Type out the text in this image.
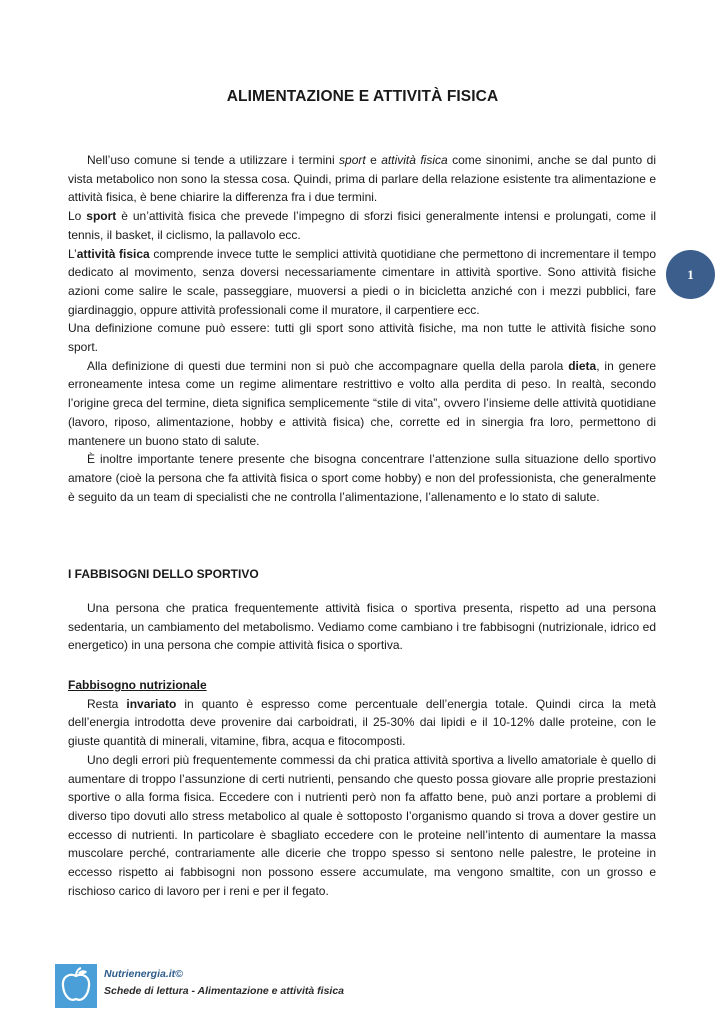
ALIMENTAZIONE E ATTIVITÀ FISICA
1

Nell’uso comune si tende a utilizzare i termini sport e attività fisica come sinonimi, anche se dal punto di vista metabolico non sono la stessa cosa. Quindi, prima di parlare della relazione esistente tra alimentazione e attività fisica, è bene chiarire la differenza fra i due termini.

Lo sport è un’attività fisica che prevede l’impegno di sforzi fisici generalmente intensi e prolungati, come il tennis, il basket, il ciclismo, la pallavolo ecc.

L’attività fisica comprende invece tutte le semplici attività quotidiane che permettono di incrementare il tempo dedicato al movimento, senza doversi necessariamente cimentare in attività sportive. Sono attività fisiche azioni come salire le scale, passeggiare, muoversi a piedi o in bicicletta anziché con i mezzi pubblici, fare giardinaggio, oppure attività professionali come il muratore, il carpentiere ecc.

Una definizione comune può essere: tutti gli sport sono attività fisiche, ma non tutte le attività fisiche sono sport.

Alla definizione di questi due termini non si può che accompagnare quella della parola dieta, in genere erroneamente intesa come un regime alimentare restrittivo e volto alla perdita di peso. In realtà, secondo l’origine greca del termine, dieta significa semplicemente “stile di vita”, ovvero l’insieme delle attività quotidiane (lavoro, riposo, alimentazione, hobby e attività fisica) che, corrette ed in sinergia fra loro, permettono di mantenere un buono stato di salute.

È inoltre importante tenere presente che bisogna concentrare l’attenzione sulla situazione dello sportivo amatore (cioè la persona che fa attività fisica o sport come hobby) e non del professionista, che generalmente è seguito da un team di specialisti che ne controlla l’alimentazione, l’allenamento e lo stato di salute.

I FABBISOGNI DELLO SPORTIVO

Una persona che pratica frequentemente attività fisica o sportiva presenta, rispetto ad una persona sedentaria, un cambiamento del metabolismo. Vediamo come cambiano i tre fabbisogni (nutrizionale, idrico ed energetico) in una persona che compie attività fisica o sportiva.

Fabbisogno nutrizionale

Resta invariato in quanto è espresso come percentuale dell’energia totale. Quindi circa la metà dell’energia introdotta deve provenire dai carboidrati, il 25-30% dai lipidi e il 10-12% dalle proteine, con le giuste quantità di minerali, vitamine, fibra, acqua e fitocomposti.

Uno degli errori più frequentemente commessi da chi pratica attività sportiva a livello amatoriale è quello di aumentare di troppo l’assunzione di certi nutrienti, pensando che questo possa giovare alle proprie prestazioni sportive o alla forma fisica. Eccedere con i nutrienti però non fa affatto bene, può anzi portare a problemi di diverso tipo dovuti allo stress metabolico al quale è sottoposto l’organismo quando si trova a dover gestire un eccesso di nutrienti. In particolare è sbagliato eccedere con le proteine nell’intento di aumentare la massa muscolare perché, contrariamente alle dicerie che troppo spesso si sentono nelle palestre, le proteine in eccesso rispetto ai fabbisogni non possono essere accumulate, ma vengono smaltite, con un grosso e rischioso carico di lavoro per i reni e per il fegato.

Nutrienergia.it©
Schede di lettura - Alimentazione e attività fisica
